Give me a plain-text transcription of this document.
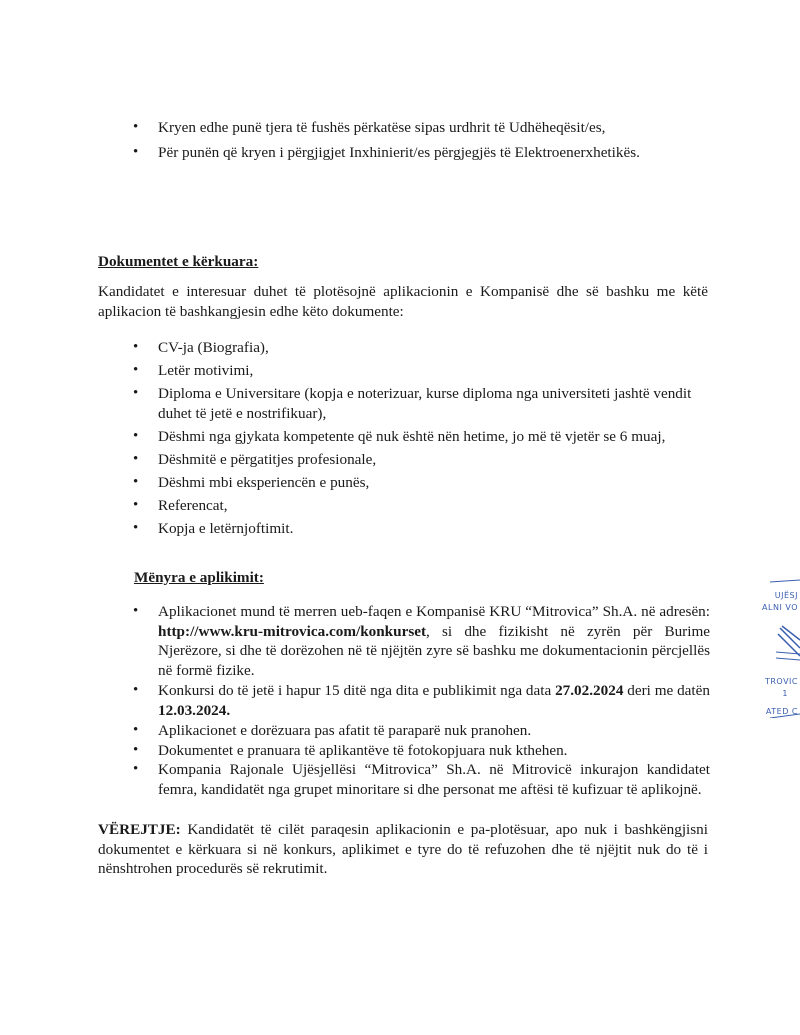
• Kryen edhe punë tjera të fushës përkatëse sipas urdhrit të Udhëheqësit/es,
• Për punën që kryen i përgjigjet Inxhinierit/es përgjegjës të Elektroenerxhetikës.
Dokumentet e kërkuara:
Kandidatet e interesuar duhet të plotësojnë aplikacionin e Kompanisë dhe së bashku me këtë aplikacion të bashkangjesin edhe këto dokumente:
• CV-ja (Biografia),
• Letër motivimi,
• Diploma e Universitare (kopja e noterizuar, kurse diploma nga universiteti jashtë vendit duhet të jetë e nostrifikuar),
• Dëshmi nga gjykata kompetente që nuk është nën hetime, jo më të vjetër se 6 muaj,
• Dëshmitë e përgatitjes profesionale,
• Dëshmi mbi eksperiencën e punës,
• Referencat,
• Kopja e letërnjoftimit.
Mënyra e aplikimit:
• Aplikacionet mund të merren ueb-faqen e Kompanisë KRU “Mitrovica” Sh.A. në adresën: http://www.kru-mitrovica.com/konkurset, si dhe fizikisht në zyrën për Burime Njerëzore, si dhe të dorëzohen në të njëjtën zyre së bashku me dokumentacionin përcjellës në formë fizike.
• Konkursi do të jetë i hapur 15 ditë nga dita e publikimit nga data 27.02.2024 deri me datën 12.03.2024.
• Aplikacionet e dorëzuara pas afatit të paraparë nuk pranohen.
• Dokumentet e pranuara të aplikantëve të fotokopjuara nuk kthehen.
• Kompania Rajonale Ujësjellësi “Mitrovica” Sh.A. në Mitrovicë inkurajon kandidatet femra, kandidatët nga grupet minoritare si dhe personat me aftësi të kufizuar të aplikojnë.
VËREJTJE: Kandidatët të cilët paraqesin aplikacionin e pa-plotësuar, apo nuk i bashkëngjisni dokumentet e kërkuara si në konkurs, aplikimet e tyre do të refuzohen dhe të njëjtit nuk do të i nënshtrohen procedurës së rekrutimit.
UJËSJ
ALNI VO
TROVIC
1
ATED C
